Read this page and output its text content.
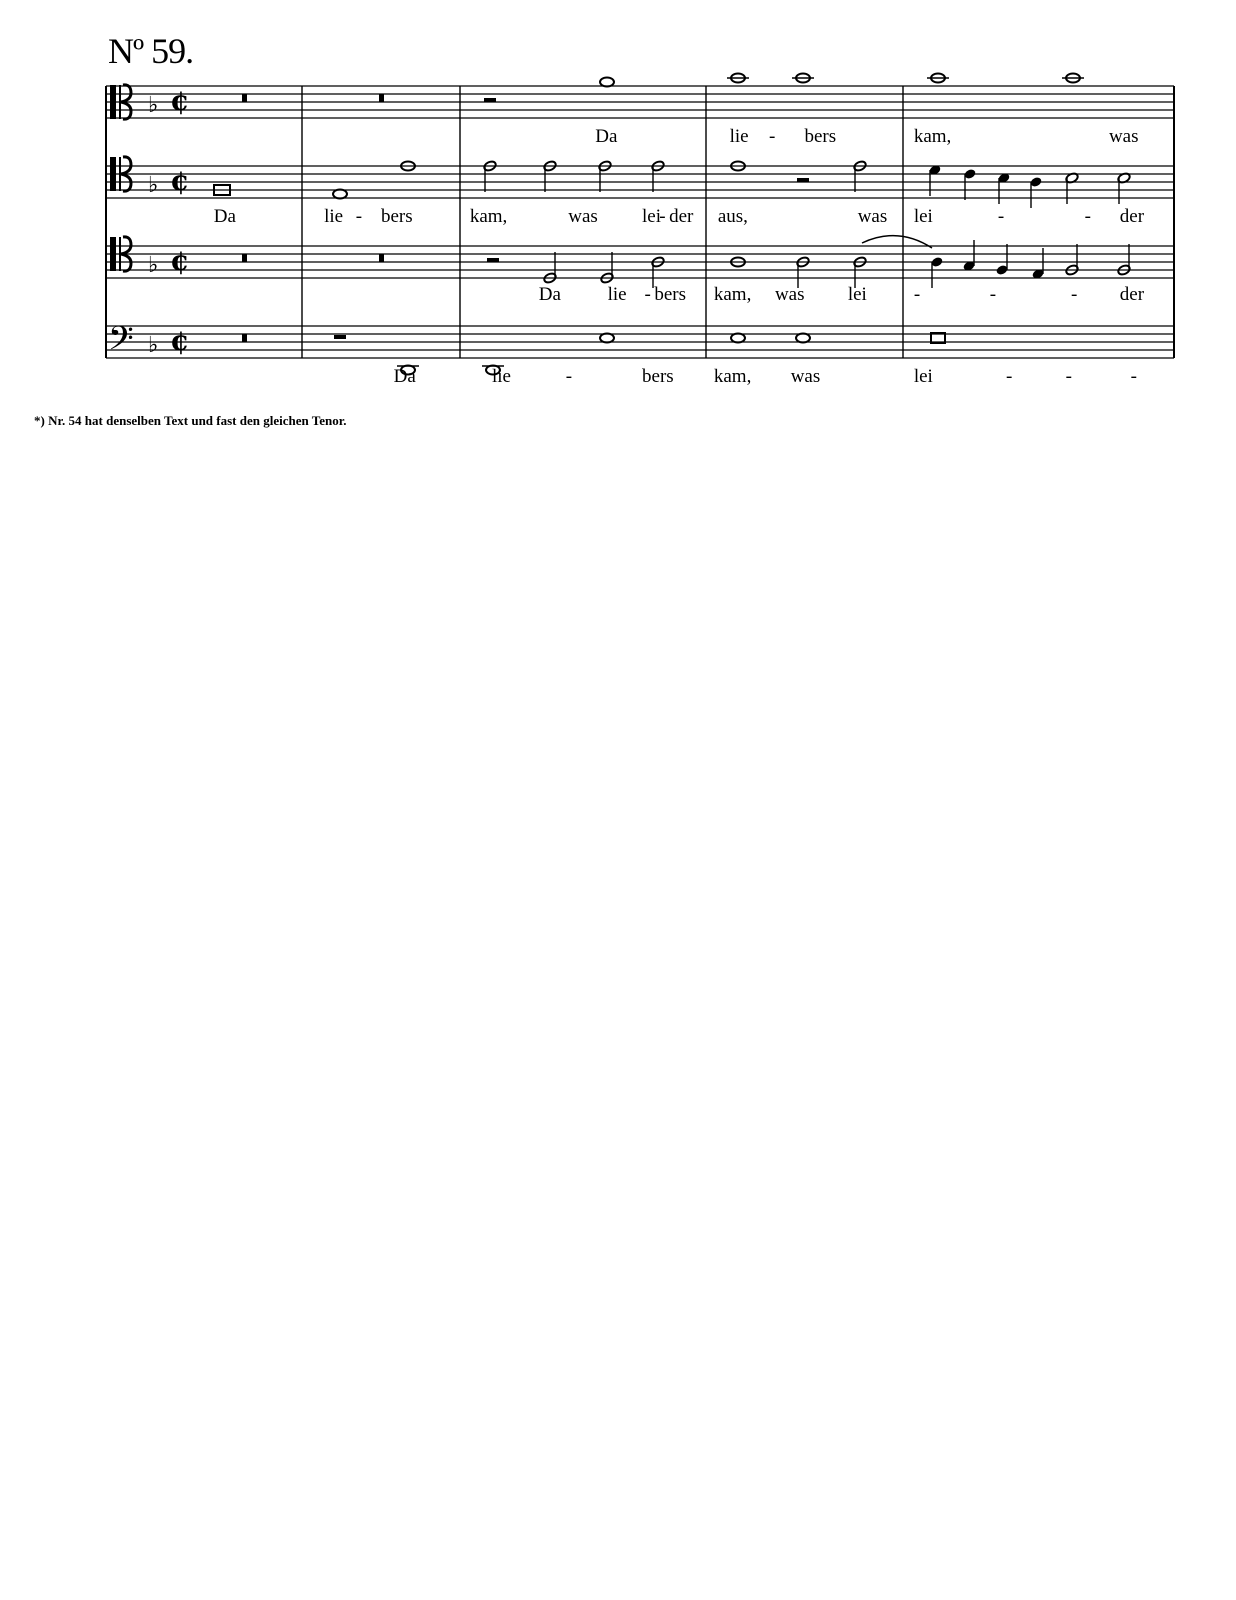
Nº 59.
♭ ¢
♭ ¢
♭ ¢
𝄢 ♭ ¢
Da	lie - bers	kam,	was
Da	lie - bers	kam,	was lei
- der aus,	was lei	-	- der
Da lie - bers kam, was lei -	-	- der
Da	lie	-	bers kam, was	lei	-	-	-
*) Nr. 54 hat denselben Text und fast den gleichen Tenor.
